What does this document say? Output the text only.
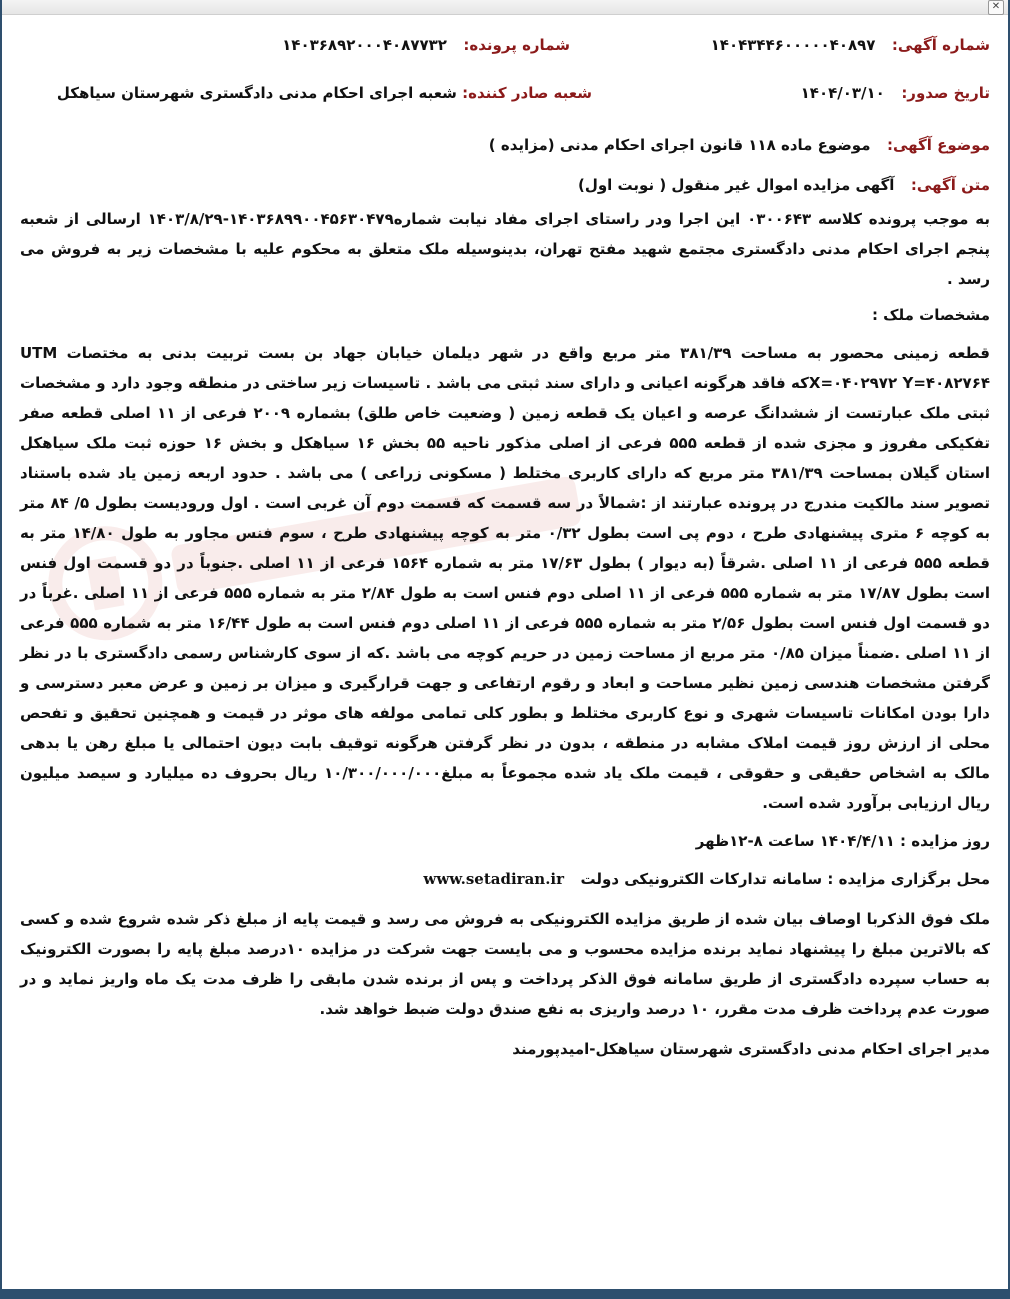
✕
شماره آگهی:  ۱۴۰۴۳۴۴۶۰۰۰۰۰۴۰۸۹۷
شماره پرونده:  ۱۴۰۳۶۸۹۲۰۰۰۴۰۸۷۷۳۲
تاریخ صدور:  ۱۴۰۴/۰۳/۱۰
شعبه صادر کننده: شعبه اجرای احکام مدنی دادگستری شهرستان سیاهکل
موضوع آگهی:  موضوع ماده ۱۱۸ قانون اجرای احکام مدنی (مزایده )
متن آگهی:  آگهی مزایده اموال غیر منقول ( نوبت اول)

به موجب پرونده کلاسه ۰۳۰۰۶۴۳ این اجرا ودر راستای اجرای مفاد نیابت شماره۱۴۰۳۶۸۹۹۰۰۴۵۶۳۰۴۷۹-۱۴۰۳/۸/۲۹ ارسالی از شعبه پنجم اجرای احکام مدنی دادگستری مجتمع شهید مفتح تهران، بدینوسیله ملک متعلق به محکوم علیه با مشخصات زیر به فروش می رسد .

مشخصات ملک :

قطعه زمینی محصور به مساحت ۳۸۱/۳۹ متر مربع واقع در شهر دیلمان خیابان جهاد بن بست تربیت بدنی به مختصات UTM X=۰۴۰۲۹۷۲ Y=۴۰۸۲۷۶۴که فاقد هرگونه اعیانی و دارای سند ثبتی می باشد . تاسیسات زیر ساختی در منطقه وجود دارد و مشخصات ثبتی ملک عبارتست از ششدانگ عرصه و اعیان یک قطعه زمین ( وضعیت خاص طلق) بشماره ۲۰۰۹ فرعی از ۱۱ اصلی قطعه صفر تفکیکی مفروز و مجزی شده از قطعه ۵۵۵ فرعی از اصلی مذکور ناحیه ۵۵ بخش ۱۶ سیاهکل و بخش ۱۶ حوزه ثبت ملک سیاهکل استان گیلان بمساحت ۳۸۱/۳۹ متر مربع که دارای کاربری مختلط ( مسکونی زراعی ) می باشد . حدود اربعه زمین یاد شده باستناد تصویر سند مالکیت مندرج در پرونده عبارتند از :شمالاً در سه قسمت که قسمت دوم آن غربی است . اول ورودیست بطول ۵/ ۸۴ متر به کوچه ۶ متری پیشنهادی طرح ، دوم پی است بطول ۰/۳۲ متر به کوچه پیشنهادی طرح ، سوم فنس مجاور به طول ۱۴/۸۰ متر به قطعه ۵۵۵ فرعی از ۱۱ اصلی .شرقاً (به دیوار ) بطول ۱۷/۶۳ متر به شماره ۱۵۶۴ فرعی از ۱۱ اصلی .جنوباً در دو قسمت اول فنس است بطول ۱۷/۸۷ متر به شماره ۵۵۵ فرعی از ۱۱ اصلی دوم فنس است به طول ۲/۸۴ متر به شماره ۵۵۵ فرعی از ۱۱ اصلی .غرباً در دو قسمت اول فنس است بطول ۲/۵۶ متر به شماره ۵۵۵ فرعی از ۱۱ اصلی دوم فنس است به طول ۱۶/۴۴ متر به شماره ۵۵۵ فرعی از ۱۱ اصلی .ضمناً میزان ۰/۸۵ متر مربع از مساحت زمین در حریم کوچه می باشد .که از سوی کارشناس رسمی دادگستری با در نظر گرفتن مشخصات هندسی زمین نظیر مساحت و ابعاد و رقوم ارتفاعی و جهت قرارگیری و میزان بر زمین و عرض معبر دسترسی و دارا بودن امکانات تاسیسات شهری و نوع کاربری مختلط و بطور کلی تمامی مولفه های موثر در قیمت و همچنین تحقیق و تفحص محلی از ارزش روز قیمت املاک مشابه در منطقه ، بدون در نظر گرفتن هرگونه توقیف بابت دیون احتمالی یا مبلغ رهن یا بدهی مالک به اشخاص حقیقی و حقوقی ، قیمت ملک یاد شده مجموعاً به مبلغ۱۰/۳۰۰/۰۰۰/۰۰۰ ریال بحروف ده میلیارد و سیصد میلیون ریال ارزیابی برآورد شده است.

روز مزایده : ۱۴۰۴/۴/۱۱ ساعت ۸-۱۲ظهر

محل برگزاری مزایده : سامانه تدارکات الکترونیکی دولت  www.setadiran.ir

ملک فوق الذکربا اوصاف بیان شده از طریق مزایده الکترونیکی به فروش می رسد و قیمت پایه از مبلغ ذکر شده شروع شده و کسی که بالاترین مبلغ را پیشنهاد نماید برنده مزایده محسوب و می بایست جهت شرکت در مزایده ۱۰درصد مبلغ پایه را بصورت الکترونیک به حساب سپرده دادگستری از طریق سامانه فوق الذکر پرداخت و پس از برنده شدن مابقی را ظرف مدت یک ماه واریز نماید و در صورت عدم پرداخت ظرف مدت مقرر، ۱۰ درصد واریزی به نفع صندق دولت ضبط خواهد شد.

مدیر اجرای احکام مدنی دادگستری شهرستان سیاهکل-امیدپورمند
